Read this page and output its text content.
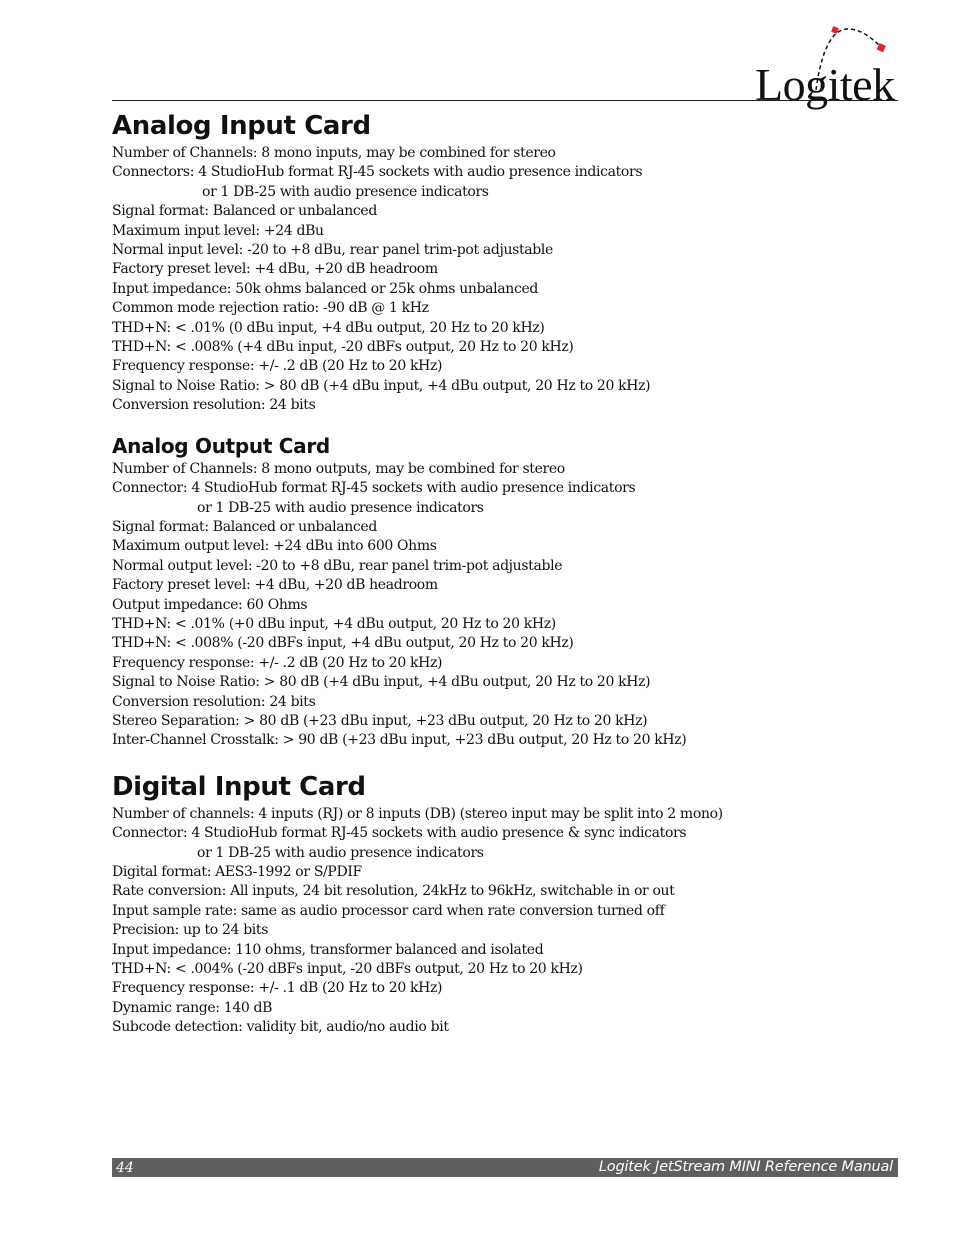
Logitek
Analog Input Card
Number of Channels: 8 mono inputs, may be combined for stereo
Connectors: 4 StudioHub format RJ-45 sockets with audio presence indicators
or 1 DB-25 with audio presence indicators
Signal format: Balanced or unbalanced
Maximum input level: +24 dBu
Normal input level: -20 to +8 dBu, rear panel trim-pot adjustable
Factory preset level: +4 dBu, +20 dB headroom
Input impedance: 50k ohms balanced or 25k ohms unbalanced
Common mode rejection ratio: -90 dB @ 1 kHz
THD+N: < .01% (0 dBu input, +4 dBu output, 20 Hz to 20 kHz)
THD+N: < .008% (+4 dBu input, -20 dBFs output, 20 Hz to 20 kHz)
Frequency response: +/- .2 dB (20 Hz to 20 kHz)
Signal to Noise Ratio: > 80 dB (+4 dBu input, +4 dBu output, 20 Hz to 20 kHz)
Conversion resolution: 24 bits
Analog Output Card
Number of Channels: 8 mono outputs, may be combined for stereo
Connector: 4 StudioHub format RJ-45 sockets with audio presence indicators
or 1 DB-25 with audio presence indicators
Signal format: Balanced or unbalanced
Maximum output level: +24 dBu into 600 Ohms
Normal output level: -20 to +8 dBu, rear panel trim-pot adjustable
Factory preset level: +4 dBu, +20 dB headroom
Output impedance: 60 Ohms
THD+N: < .01% (+0 dBu input, +4 dBu output, 20 Hz to 20 kHz)
THD+N: < .008% (-20 dBFs input, +4 dBu output, 20 Hz to 20 kHz)
Frequency response: +/- .2 dB (20 Hz to 20 kHz)
Signal to Noise Ratio: > 80 dB (+4 dBu input, +4 dBu output, 20 Hz to 20 kHz)
Conversion resolution: 24 bits
Stereo Separation: > 80 dB (+23 dBu input, +23 dBu output, 20 Hz to 20 kHz)
Inter-Channel Crosstalk: > 90 dB (+23 dBu input, +23 dBu output, 20 Hz to 20 kHz)
Digital Input Card
Number of channels: 4 inputs (RJ) or 8 inputs (DB) (stereo input may be split into 2 mono)
Connector: 4 StudioHub format RJ-45 sockets with audio presence & sync indicators
or 1 DB-25 with audio presence indicators
Digital format: AES3-1992 or S/PDIF
Rate conversion: All inputs, 24 bit resolution, 24kHz to 96kHz, switchable in or out
Input sample rate: same as audio processor card when rate conversion turned off
Precision: up to 24 bits
Input impedance: 110 ohms, transformer balanced and isolated
THD+N: < .004% (-20 dBFs input, -20 dBFs output, 20 Hz to 20 kHz)
Frequency response: +/- .1 dB (20 Hz to 20 kHz)
Dynamic range: 140 dB
Subcode detection: validity bit, audio/no audio bit
44	Logitek JetStream MINI Reference Manual
